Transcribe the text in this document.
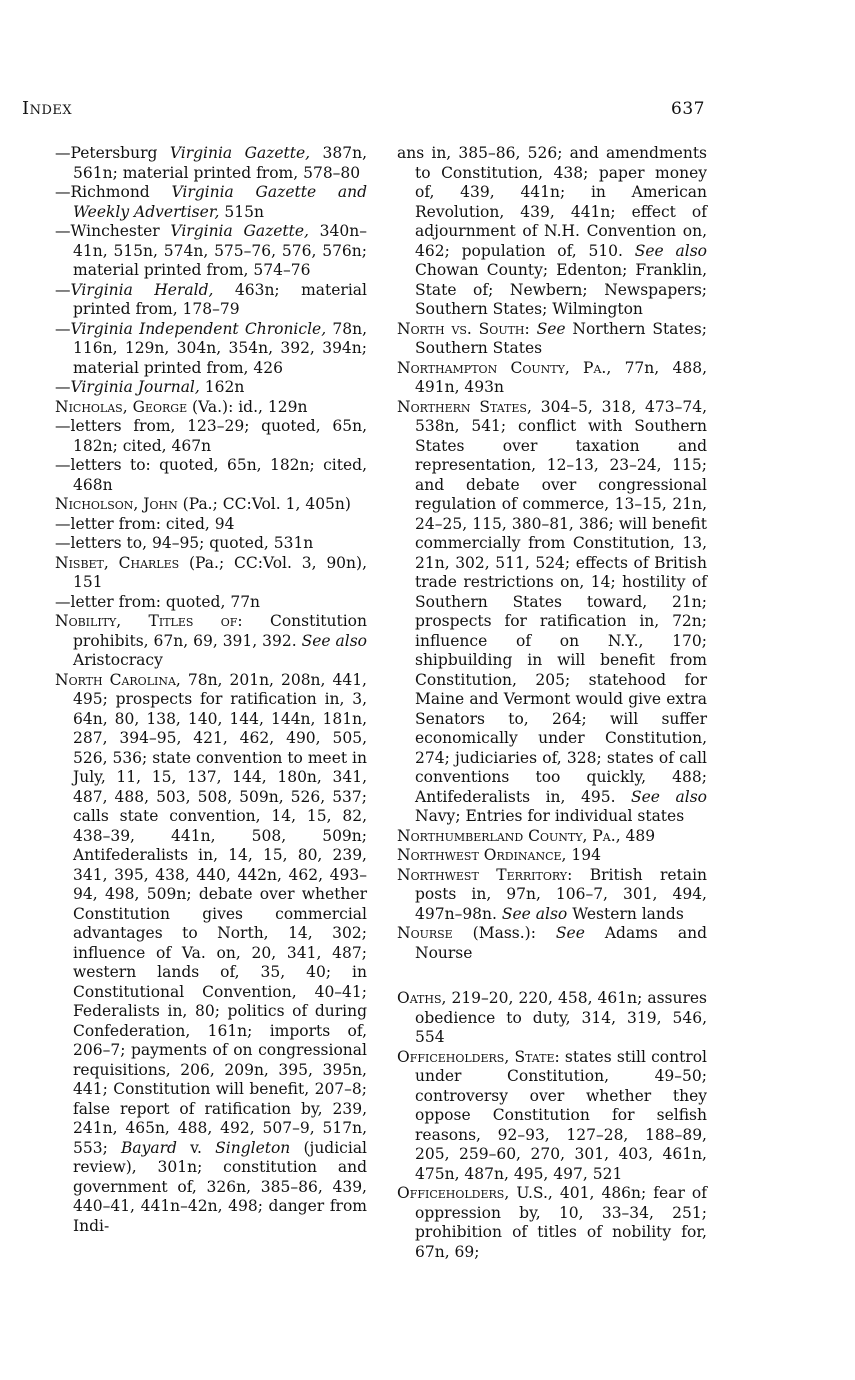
Index	637

—Petersburg Virginia Gazette, 387n, 561n; material printed from, 578–80

—Richmond Virginia Gazette and Weekly Advertiser, 515n

—Winchester Virginia Gazette, 340n–41n, 515n, 574n, 575–76, 576, 576n; material printed from, 574–76

—Virginia Herald, 463n; material printed from, 178–79

—Virginia Independent Chronicle, 78n, 116n, 129n, 304n, 354n, 392, 394n; material printed from, 426

—Virginia Journal, 162n

Nicholas, George (Va.): id., 129n

—letters from, 123–29; quoted, 65n, 182n; cited, 467n

—letters to: quoted, 65n, 182n; cited, 468n

Nicholson, John (Pa.; CC:Vol. 1, 405n)

—letter from: cited, 94

—letters to, 94–95; quoted, 531n

Nisbet, Charles (Pa.; CC:Vol. 3, 90n), 151

—letter from: quoted, 77n

Nobility, Titles of: Constitution prohibits, 67n, 69, 391, 392. See also Aristocracy

North Carolina, 78n, 201n, 208n, 441, 495; prospects for ratification in, 3, 64n, 80, 138, 140, 144, 144n, 181n, 287, 394–95, 421, 462, 490, 505, 526, 536; state convention to meet in July, 11, 15, 137, 144, 180n, 341, 487, 488, 503, 508, 509n, 526, 537; calls state convention, 14, 15, 82, 438–39, 441n, 508, 509n; Antifederalists in, 14, 15, 80, 239, 341, 395, 438, 440, 442n, 462, 493–94, 498, 509n; debate over whether Constitution gives commercial advantages to North, 14, 302; influence of Va. on, 20, 341, 487; western lands of, 35, 40; in Constitutional Convention, 40–41; Federalists in, 80; politics of during Confederation, 161n; imports of, 206–7; payments of on congressional requisitions, 206, 209n, 395, 395n, 441; Constitution will benefit, 207–8; false report of ratification by, 239, 241n, 465n, 488, 492, 507–9, 517n, 553; Bayard v. Singleton (judicial review), 301n; constitution and government of, 326n, 385–86, 439, 440–41, 441n–42n, 498; danger from Indi-

ans in, 385–86, 526; and amendments to Constitution, 438; paper money of, 439, 441n; in American Revolution, 439, 441n; effect of adjournment of N.H. Convention on, 462; population of, 510. See also Chowan County; Edenton; Franklin, State of; Newbern; Newspapers; Southern States; Wilmington

North vs. South: See Northern States; Southern States

Northampton County, Pa., 77n, 488, 491n, 493n

Northern States, 304–5, 318, 473–74, 538n, 541; conflict with Southern States over taxation and representation, 12–13, 23–24, 115; and debate over congressional regulation of commerce, 13–15, 21n, 24–25, 115, 380–81, 386; will benefit commercially from Constitution, 13, 21n, 302, 511, 524; effects of British trade restrictions on, 14; hostility of Southern States toward, 21n; prospects for ratification in, 72n; influence of on N.Y., 170; shipbuilding in will benefit from Constitution, 205; statehood for Maine and Vermont would give extra Senators to, 264; will suffer economically under Constitution, 274; judiciaries of, 328; states of call conventions too quickly, 488; Antifederalists in, 495. See also Navy; Entries for individual states

Northumberland County, Pa., 489

Northwest Ordinance, 194

Northwest Territory: British retain posts in, 97n, 106–7, 301, 494, 497n–98n. See also Western lands

Nourse (Mass.): See Adams and Nourse

Oaths, 219–20, 220, 458, 461n; assures obedience to duty, 314, 319, 546, 554

Officeholders, State: states still control under Constitution, 49–50; controversy over whether they oppose Constitution for selfish reasons, 92–93, 127–28, 188–89, 205, 259–60, 270, 301, 403, 461n, 475n, 487n, 495, 497, 521

Officeholders, U.S., 401, 486n; fear of oppression by, 10, 33–34, 251; prohibition of titles of nobility for, 67n, 69;
